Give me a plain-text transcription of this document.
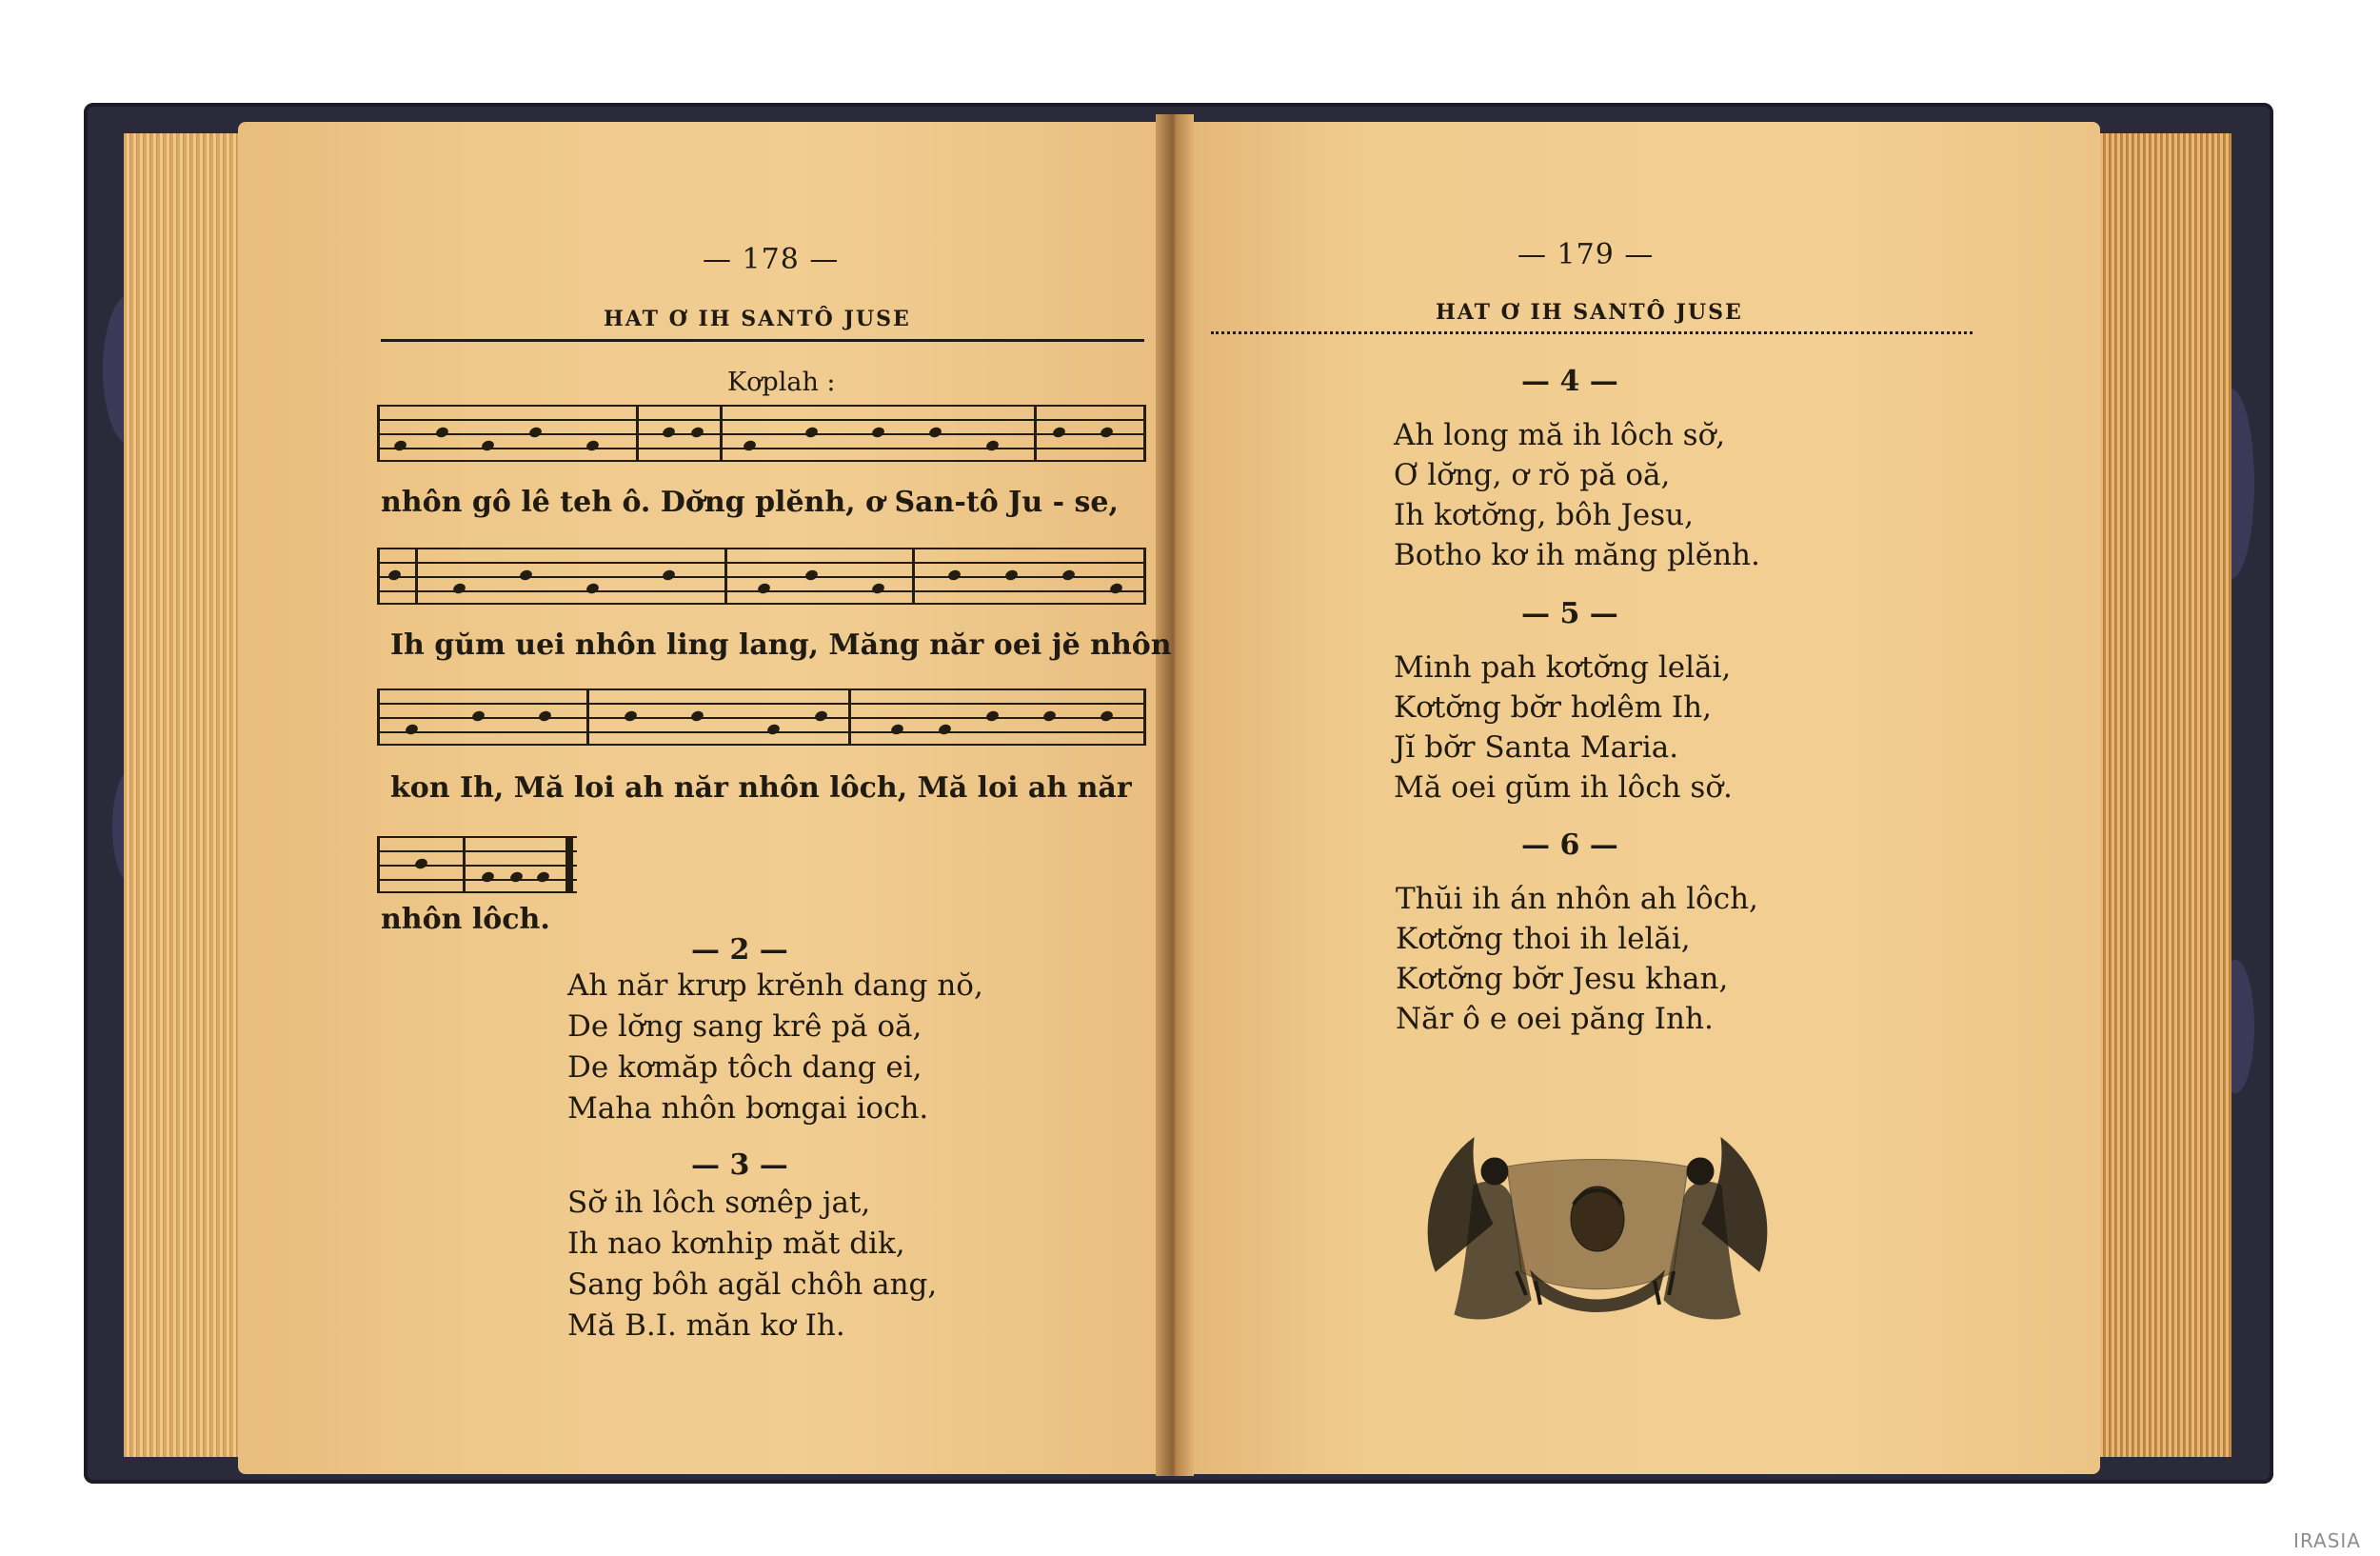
— 178 —
HAT Ơ IH SANTÔ JUSE
Kơplah :
nhôn gô lê teh ô. Dơ̆ng plĕnh, ơ San-tô Ju - se,
Ih gŭm uei nhôn ling lang, Măng năr oei jĕ nhôn
kon Ih, Mă loi ah năr nhôn lôch, Mă loi ah năr
nhôn lôch.
— 2 —
Ah năr krưp krĕnh dang nŏ,
De lơ̆ng sang krê pă oă,
De kơmăp tôch dang ei,
Maha nhôn bơngai ioch.
— 3 —
Sơ̆ ih lôch sơnêp jat,
Ih nao kơnhip măt dik,
Sang bôh agăl chôh ang,
Mă B.I. măn kơ Ih.
— 179 —
HAT Ơ IH SANTÔ JUSE
— 4 —
Ah long mă ih lôch sơ̆,
Ơ lơ̆ng, ơ rŏ pă oă,
Ih kơtơ̆ng, bôh Jesu,
Botho kơ ih măng plĕnh.
— 5 —
Minh pah kơtơ̆ng lelăi,
Kơtơ̆ng bơ̆r hơlêm Ih,
Jĭ bơ̆r Santa Maria.
Mă oei gŭm ih lôch sơ̆.
— 6 —
Thŭi ih án nhôn ah lôch,
Kơtơ̆ng thoi ih lelăi,
Kơtơ̆ng bơ̆r Jesu khan,
Năr ô e oei păng Inh.
IRASIA
